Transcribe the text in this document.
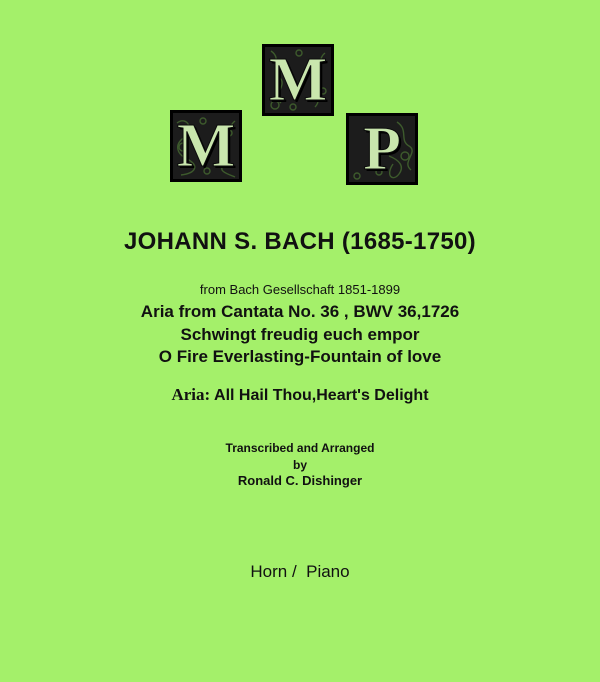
M
M
P
JOHANN S. BACH (1685-1750)
from Bach Gesellschaft 1851-1899
Aria from Cantata No. 36 , BWV 36,1726
Schwingt freudig euch empor
O Fire Everlasting-Fountain of love
Aria: All Hail Thou,Heart's Delight
Transcribed and Arranged
by
Ronald C. Dishinger
Horn /  Piano
